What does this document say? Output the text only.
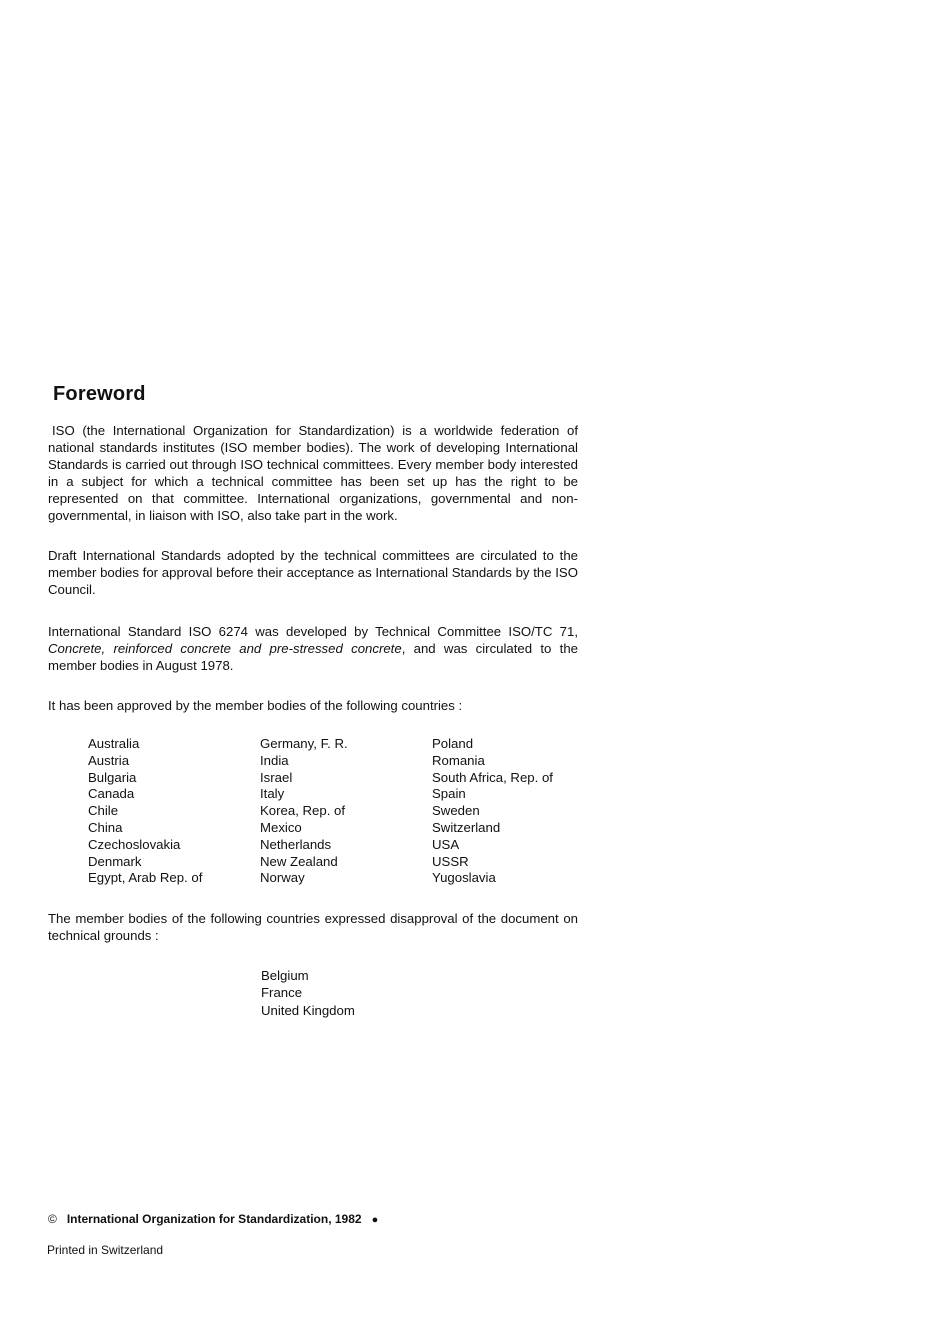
Foreword

ISO (the International Organization for Standardization) is a worldwide federation of national standards institutes (ISO member bodies). The work of developing International Standards is carried out through ISO technical committees. Every member body interested in a subject for which a technical committee has been set up has the right to be represented on that committee. International organizations, governmental and non-governmental, in liaison with ISO, also take part in the work.

Draft International Standards adopted by the technical committees are circulated to the member bodies for approval before their acceptance as International Standards by the ISO Council.

International Standard ISO 6274 was developed by Technical Committee ISO/TC 71, Concrete, reinforced concrete and pre-stressed concrete, and was circulated to the member bodies in August 1978.

It has been approved by the member bodies of the following countries :

Australia	Germany, F. R.	Poland
Austria	India	Romania
Bulgaria	Israel	South Africa, Rep. of
Canada	Italy	Spain
Chile	Korea, Rep. of	Sweden
China	Mexico	Switzerland
Czechoslovakia	Netherlands	USA
Denmark	New Zealand	USSR
Egypt, Arab Rep. of	Norway	Yugoslavia

The member bodies of the following countries expressed disapproval of the document on technical grounds :

Belgium
France
United Kingdom
© International Organization for Standardization, 1982 ●
Printed in Switzerland
